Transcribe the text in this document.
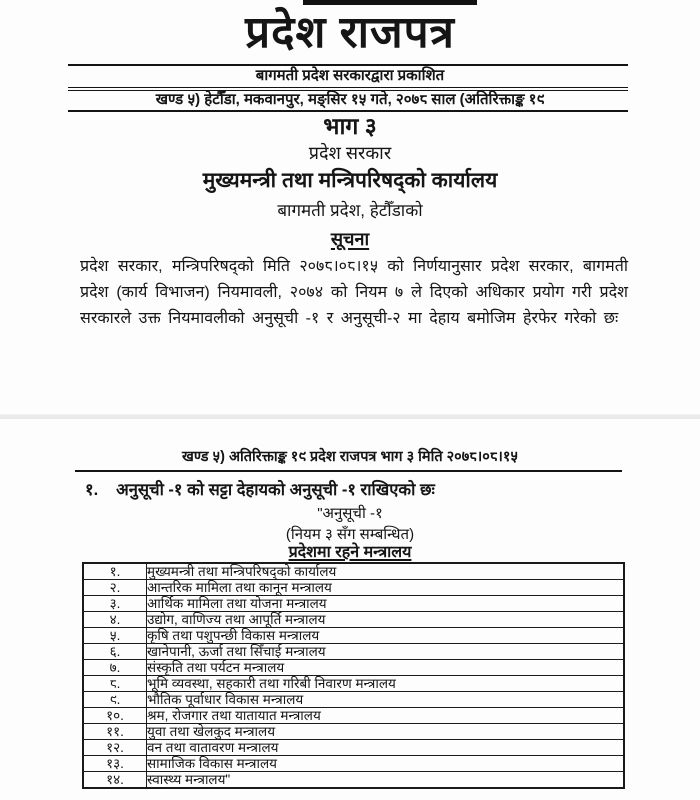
प्रदेश राजपत्र
बागमती प्रदेश सरकारद्वारा प्रकाशित
खण्ड ५) हेटौँडा, मकवानपुर, मङ्सिर १५ गते, २०७८ साल (अतिरिक्ताङ्क १९
भाग ३
प्रदेश सरकार
मुख्यमन्त्री तथा मन्त्रिपरिषद्को कार्यालय
बागमती प्रदेश, हेटौँडाको
सूचना
प्रदेश सरकार, मन्त्रिपरिषद्को मिति २०७८।०८।१५ को निर्णयानुसार प्रदेश सरकार, बागमती प्रदेश (कार्य विभाजन) नियमावली, २०७४ को नियम ७ ले दिएको अधिकार प्रयोग गरी प्रदेश सरकारले उक्त नियमावलीको अनुसूची -१ र अनुसूची-२ मा देहाय बमोजिम हेरफेर गरेको छः
खण्ड ५) अतिरिक्ताङ्क १९ प्रदेश राजपत्र भाग ३ मिति २०७८।०८।१५
१. अनुसूची -१ को सट्टा देहायको अनुसूची -१ राखिएको छः
"अनुसूची -१
(नियम ३ सँग सम्बन्धित)
प्रदेशमा रहने मन्त्रालय
१.	मुख्यमन्त्री तथा मन्त्रिपरिषद्को कार्यालय
२.	आन्तरिक मामिला तथा कानून मन्त्रालय
३.	आर्थिक मामिला तथा योजना मन्त्रालय
४.	उद्योग, वाणिज्य तथा आपूर्ति मन्त्रालय
५.	कृषि तथा पशुपन्छी विकास मन्त्रालय
६.	खानेपानी, ऊर्जा तथा सिँचाई मन्त्रालय
७.	संस्कृति तथा पर्यटन मन्त्रालय
८.	भूमि व्यवस्था, सहकारी तथा गरिबी निवारण मन्त्रालय
९.	भौतिक पूर्वाधार विकास मन्त्रालय
१०.	श्रम, रोजगार तथा यातायात मन्त्रालय
११.	युवा तथा खेलकुद मन्त्रालय
१२.	वन तथा वातावरण मन्त्रालय
१३.	सामाजिक विकास मन्त्रालय
१४.	स्वास्थ्य मन्त्रालय"
